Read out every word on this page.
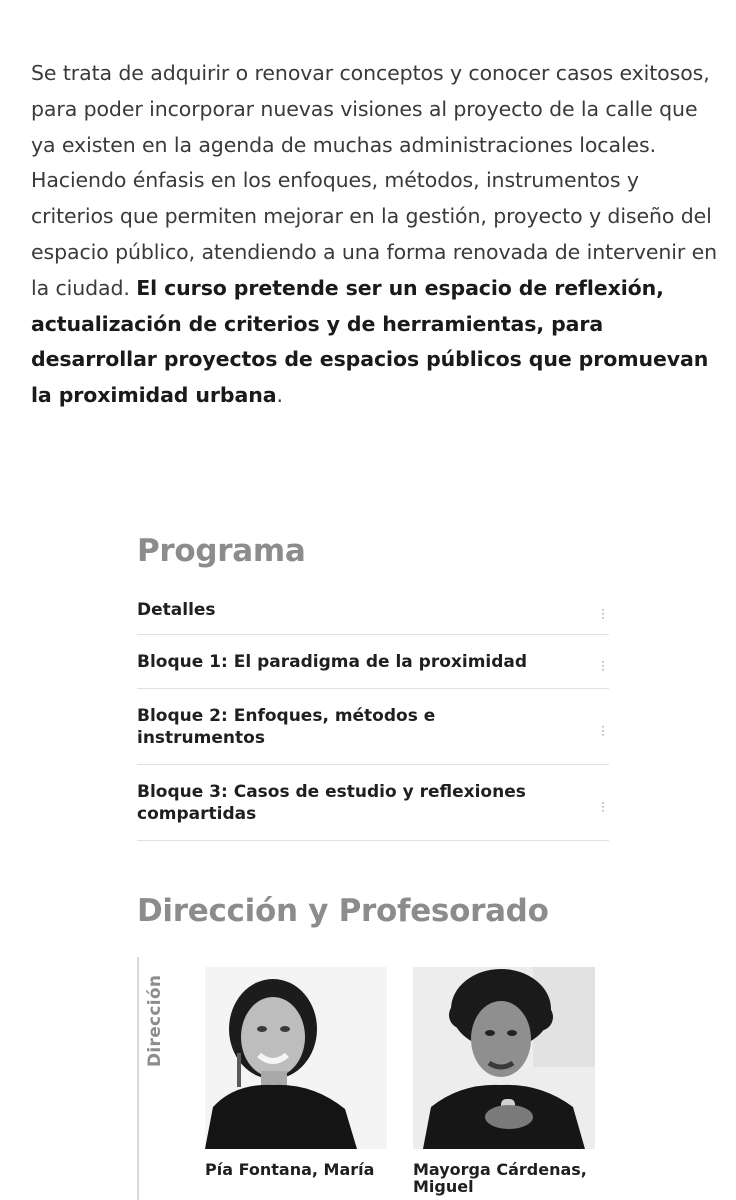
Se trata de adquirir o renovar conceptos y conocer casos exitosos, para poder incorporar nuevas visiones al proyecto de la calle que ya existen en la agenda de muchas administraciones locales. Haciendo énfasis en los enfoques, métodos, instrumentos y criterios que permiten mejorar en la gestión, proyecto y diseño del espacio público, atendiendo a una forma renovada de intervenir en la ciudad. El curso pretende ser un espacio de reflexión, actualización de criterios y de herramientas, para desarrollar proyectos de espacios públicos que promuevan la proximidad urbana.

Programa
Detalles	⋮
Bloque 1: El paradigma de la proximidad	⋮
Bloque 2: Enfoques, métodos e instrumentos	⋮
Bloque 3: Casos de estudio y reflexiones compartidas	⋮
Dirección y Profesorado
Dirección
Pía Fontana, María	Mayorga Cárdenas, Miguel
